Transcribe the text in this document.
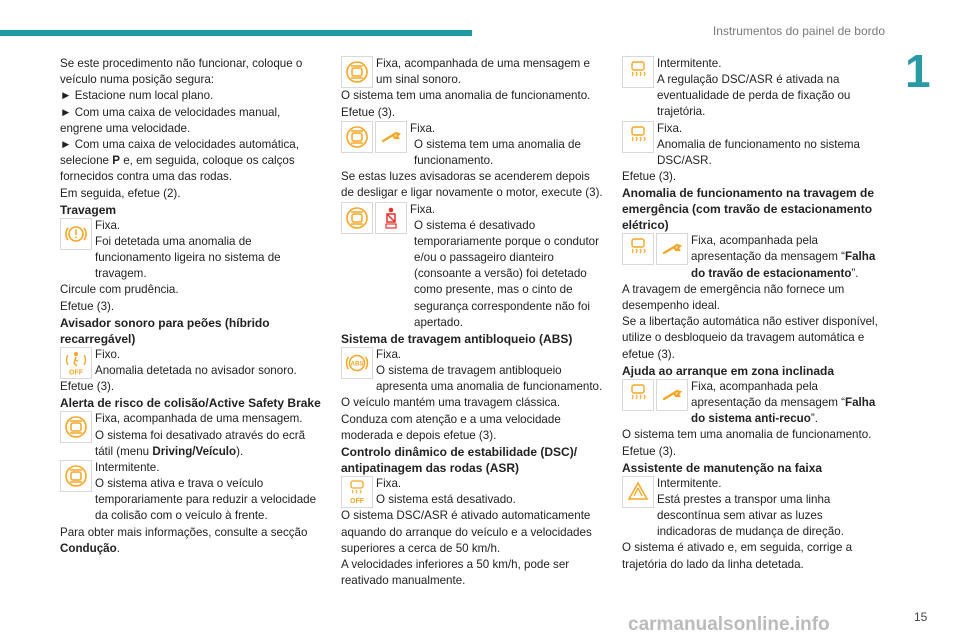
Instrumentos do painel de bordo
1
15
carmanualsonline.info

Se este procedimento não funcionar, coloque o veículo numa posição segura:

► Estacione num local plano.

► Com uma caixa de velocidades manual, engrene uma velocidade.

► Com uma caixa de velocidades automática, selecione P e, em seguida, coloque os calços fornecidos contra uma das rodas.

Em seguida, efetue (2).

Travagem

Fixa.

Foi detetada uma anomalia de funcionamento ligeira no sistema de travagem.

Circule com prudência.

Efetue (3).

Avisador sonoro para peões (híbrido recarregável)

Fixo.

Anomalia detetada no avisador sonoro.

Efetue (3).

Alerta de risco de colisão/Active Safety Brake

Fixa, acompanhada de uma mensagem.

O sistema foi desativado através do ecrã tátil (menu Driving/Veículo).

Intermitente.

O sistema ativa e trava o veículo temporariamente para reduzir a velocidade da colisão com o veículo à frente.

Para obter mais informações, consulte a secção Condução.

Fixa, acompanhada de uma mensagem e um sinal sonoro.

O sistema tem uma anomalia de funcionamento.

Efetue (3).

Fixa.

O sistema tem uma anomalia de funcionamento.

Se estas luzes avisadoras se acenderem depois de desligar e ligar novamente o motor, execute (3).

Fixa.

O sistema é desativado temporariamente porque o condutor e/ou o passageiro dianteiro (consoante a versão) foi detetado como presente, mas o cinto de segurança correspondente não foi apertado.

Sistema de travagem antibloqueio (ABS)

Fixa.

O sistema de travagem antibloqueio apresenta uma anomalia de funcionamento.

O veículo mantém uma travagem clássica.

Conduza com atenção e a uma velocidade moderada e depois efetue (3).

Controlo dinâmico de estabilidade (DSC)/ antipatinagem das rodas (ASR)

Fixa.

O sistema está desativado.

O sistema DSC/ASR é ativado automaticamente aquando do arranque do veículo e a velocidades superiores a cerca de 50 km/h.

A velocidades inferiores a 50 km/h, pode ser reativado manualmente.

Intermitente.

A regulação DSC/ASR é ativada na eventualidade de perda de fixação ou trajetória.

Fixa.

Anomalia de funcionamento no sistema DSC/ASR.

Efetue (3).

Anomalia de funcionamento na travagem de emergência (com travão de estacionamento elétrico)

Fixa, acompanhada pela apresentação da mensagem “Falha do travão de estacionamento”.

A travagem de emergência não fornece um desempenho ideal.

Se a libertação automática não estiver disponível, utilize o desbloqueio da travagem automática e efetue (3).

Ajuda ao arranque em zona inclinada

Fixa, acompanhada pela apresentação da mensagem “Falha do sistema anti-recuo”.

O sistema tem uma anomalia de funcionamento.

Efetue (3).

Assistente de manutenção na faixa

Intermitente.

Está prestes a transpor uma linha descontínua sem ativar as luzes indicadoras de mudança de direção.

O sistema é ativado e, em seguida, corrige a trajetória do lado da linha detetada.
